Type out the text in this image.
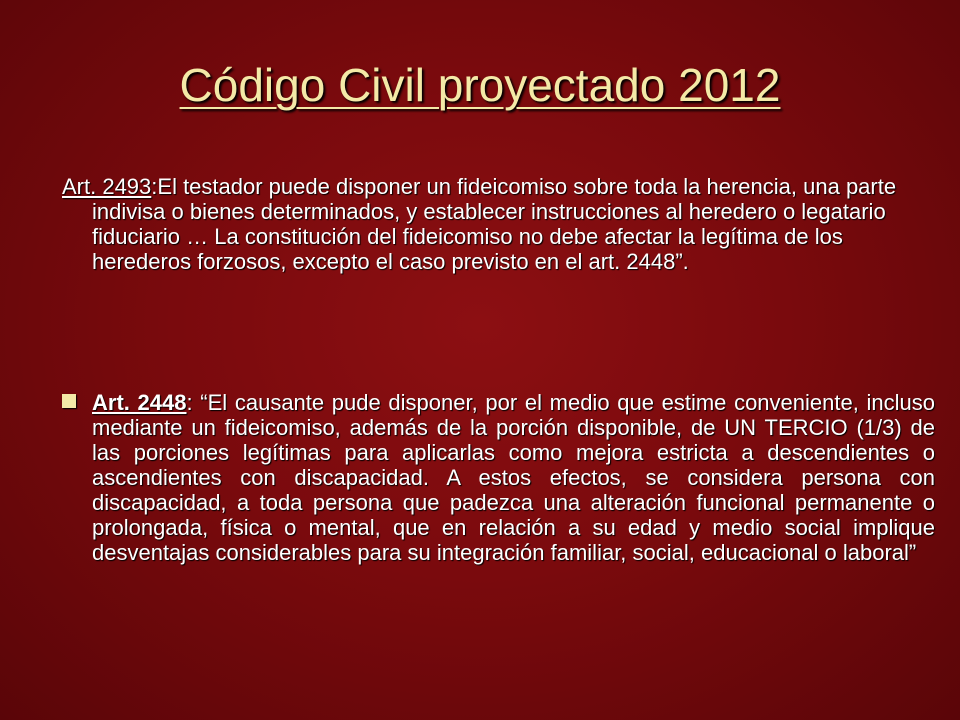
Código Civil proyectado 2012
Art. 2493:El testador puede disponer un fideicomiso sobre toda la herencia, una parte indivisa o bienes determinados, y establecer instrucciones al heredero o legatario fiduciario … La constitución del fideicomiso no debe afectar la legítima de los herederos forzosos, excepto el caso previsto en el art. 2448”.
Art. 2448: “El causante pude disponer, por el medio que estime conveniente, incluso mediante un fideicomiso, además de la porción disponible, de UN TERCIO (1/3) de las porciones legítimas para aplicarlas como mejora estricta a descendientes o ascendientes con discapacidad. A estos efectos, se considera persona con discapacidad, a toda persona que padezca una alteración funcional permanente o prolongada, física o mental, que en relación a su edad y medio social implique desventajas considerables para su integración familiar, social, educacional o laboral”
